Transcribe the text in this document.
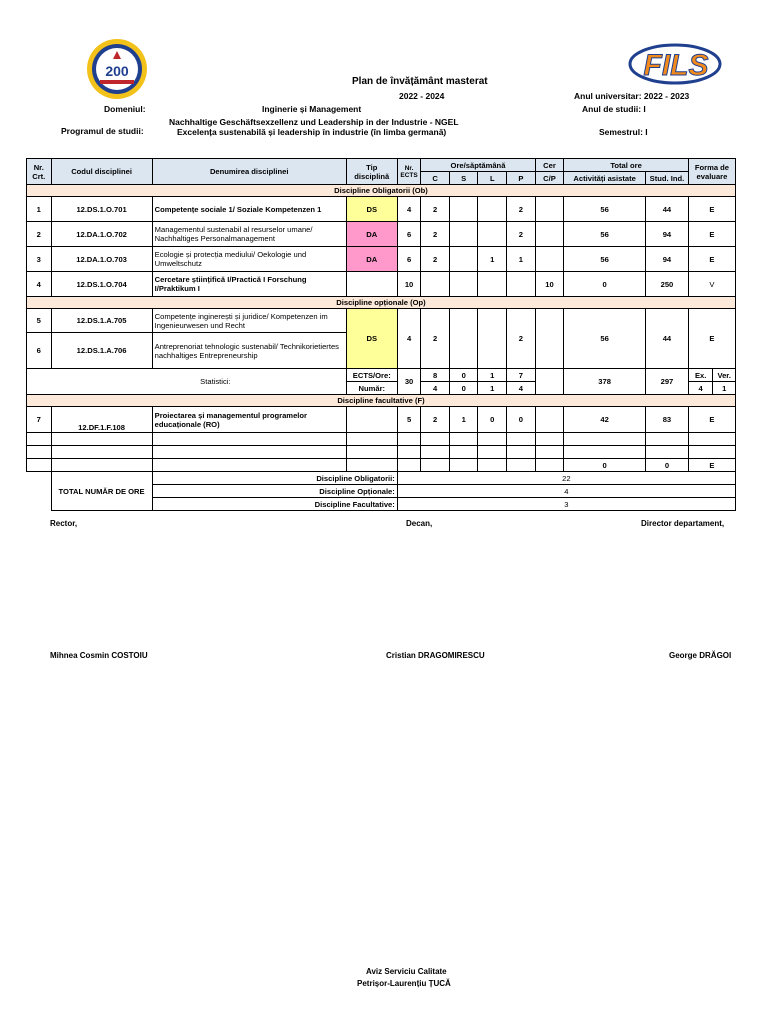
200	FILS
Plan de învățământ masterat
2022 - 2024
Domeniul:	Inginerie și Management
Nachhaltige Geschäftsexzellenz und Leadership in der Industrie - NGEL
Programul de studii:	Excelența sustenabilă și leadership în industrie (în limba germană)
Anul universitar: 2022 - 2023
Anul de studii: I
Semestrul: I
Nr. Crt.	Codul disciplinei	Denumirea disciplinei	Tip disciplină	Nr. ECTS	Ore/săptămână				Cer	Total ore		Forma de evaluare	
					C	S	L	P	C/P	Activități asistate	Stud. Ind.		
Discipline Obligatorii (Ob)													
1	12.DS.1.O.701	Competențe sociale 1/ Soziale Kompetenzen 1	DS	4	2			2		56	44	E	
2	12.DA.1.O.702	Managementul sustenabil al resurselor umane/ Nachhaltiges Personalmanagement	DA	6	2			2		56	94	E	
3	12.DA.1.O.703	Ecologie și protecția mediului/ Oekologie und Umweltschutz	DA	6	2		1	1		56	94	E	
4	12.DS.1.O.704	Cercetare științifică I/Practică I Forschung I/Praktikum I		10					10	0	250	V	
Discipline opționale (Op)													
5	12.DS.1.A.705	Competențe inginerești și juridice/ Kompetenzen im Ingenieurwesen und Recht	DS	4	2			2		56	44	E	
6	12.DS.1.A.706	Antreprenoriat tehnologic sustenabil/ Technikorietiertes nachhaltiges Entrepreneurship											
Statistici:			ECTS/Ore:	30	8	0	1	7		378	297	Ex.	Ver.
			Număr:		4	0	1	4				4	1
Discipline facultative (F)													
7	12.DF.1.F.108	Proiectarea și managementul programelor educaționale (RO)		5	2	1	0	0		42	83	E	

										0	0	E	
	TOTAL NUMĂR DE ORE	Discipline Obligatorii:		22									
		Discipline Opționale:		4									
		Discipline Facultative:		3									
Rector,	Decan,	Director departament,
Mihnea Cosmin COSTOIU	Cristian DRAGOMIRESCU	George DRĂGOI
Aviz Serviciu Calitate
Petrișor-Laurențiu ȚUCĂ
